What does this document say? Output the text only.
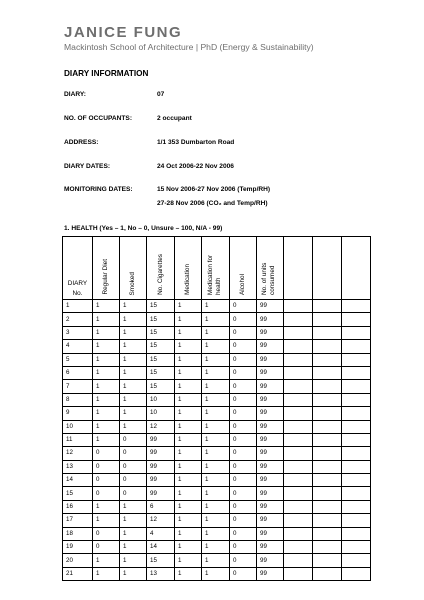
JANICE FUNG
Mackintosh School of Architecture | PhD (Energy & Sustainability)
DIARY INFORMATION
DIARY:	07
NO. OF OCCUPANTS:	2 occupant
ADDRESS:	1/1 353 Dumbarton Road
DIARY DATES:	24 Oct 2006-22 Nov 2006
MONITORING DATES:	15 Nov 2006-27 Nov 2006 (Temp/RH)
27-28 Nov 2006 (CO₂ and Temp/RH)
1. HEALTH (Yes – 1, No – 0, Unsure – 100, N/A - 99)
DIARY
No.	Regular Diet	Smoked	No. Cigarettes	Medication	Medication for health	Alcohol	No. of units consumed			
1	1	1	15	1	1	0	99			
2	1	1	15	1	1	0	99			
3	1	1	15	1	1	0	99			
4	1	1	15	1	1	0	99			
5	1	1	15	1	1	0	99			
6	1	1	15	1	1	0	99			
7	1	1	15	1	1	0	99			
8	1	1	10	1	1	0	99			
9	1	1	10	1	1	0	99			
10	1	1	12	1	1	0	99			
11	1	0	99	1	1	0	99			
12	0	0	99	1	1	0	99			
13	0	0	99	1	1	0	99			
14	0	0	99	1	1	0	99			
15	0	0	99	1	1	0	99			
16	1	1	6	1	1	0	99			
17	1	1	12	1	1	0	99			
18	0	1	4	1	1	0	99			
19	0	1	14	1	1	0	99			
20	1	1	15	1	1	0	99			
21	1	1	13	1	1	0	99			
